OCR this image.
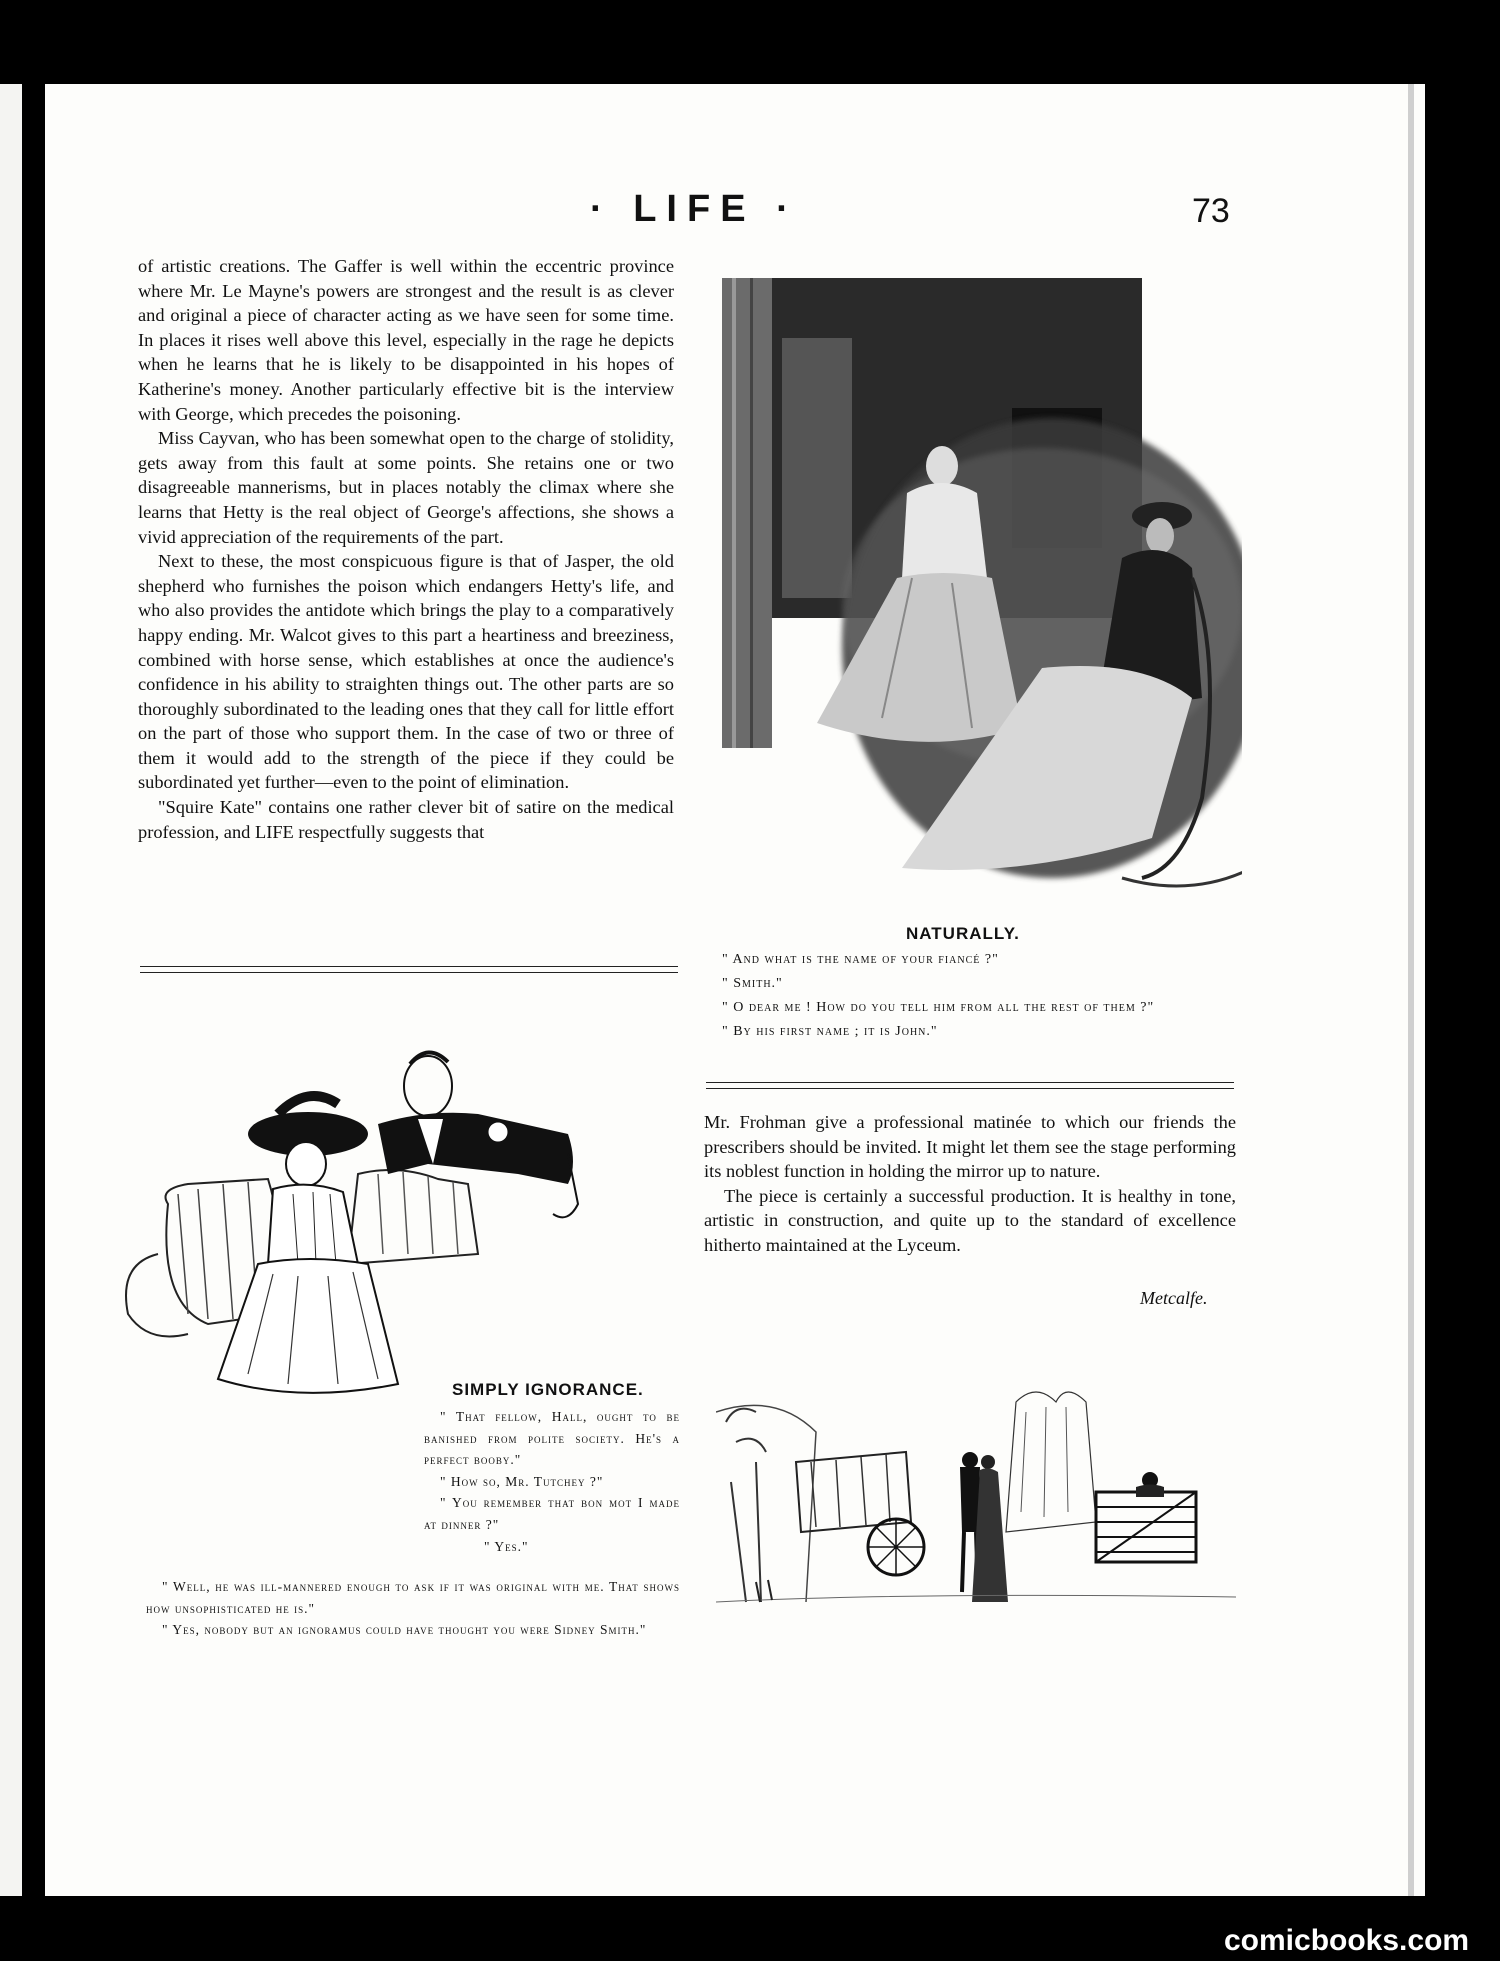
· LIFE ·	73

of artistic creations. The Gaffer is well within the eccentric province where Mr. Le Mayne's powers are strongest and the result is as clever and original a piece of character acting as we have seen for some time. In places it rises well above this level, especially in the rage he depicts when he learns that he is likely to be disappointed in his hopes of Katherine's money. Another particularly effective bit is the interview with George, which precedes the poisoning.

Miss Cayvan, who has been somewhat open to the charge of stolidity, gets away from this fault at some points. She retains one or two disagreeable mannerisms, but in places notably the climax where she learns that Hetty is the real object of George's affections, she shows a vivid appreciation of the requirements of the part.

Next to these, the most conspicuous figure is that of Jasper, the old shepherd who furnishes the poison which endangers Hetty's life, and who also provides the antidote which brings the play to a comparatively happy ending. Mr. Walcot gives to this part a heartiness and breeziness, combined with horse sense, which establishes at once the audience's confidence in his ability to straighten things out. The other parts are so thoroughly subordinated to the leading ones that they call for little effort on the part of those who support them. In the case of two or three of them it would add to the strength of the piece if they could be subordinated yet further—even to the point of elimination.

"Squire Kate" contains one rather clever bit of satire on the medical profession, and LIFE respectfully suggests that

NATURALLY.

" And what is the name of your fiancé ?"

" Smith."

" O dear me ! How do you tell him from all the rest of them ?"

" By his first name ; it is John."

Mr. Frohman give a professional matinée to which our friends the prescribers should be invited. It might let them see the stage performing its noblest function in holding the mirror up to nature.

The piece is certainly a successful production. It is healthy in tone, artistic in construction, and quite up to the standard of excellence hitherto maintained at the Lyceum.

Metcalfe.
SIMPLY IGNORANCE.

" That fellow, Hall, ought to be banished from polite society. He's a perfect booby."

" How so, Mr. Tutchey ?"

" You remember that bon mot I made at dinner ?"

" Yes."

" Well, he was ill-mannered enough to ask if it was original with me. That shows how unsophisticated he is."

" Yes, nobody but an ignoramus could have thought you were Sidney Smith."

comicbooks.com
